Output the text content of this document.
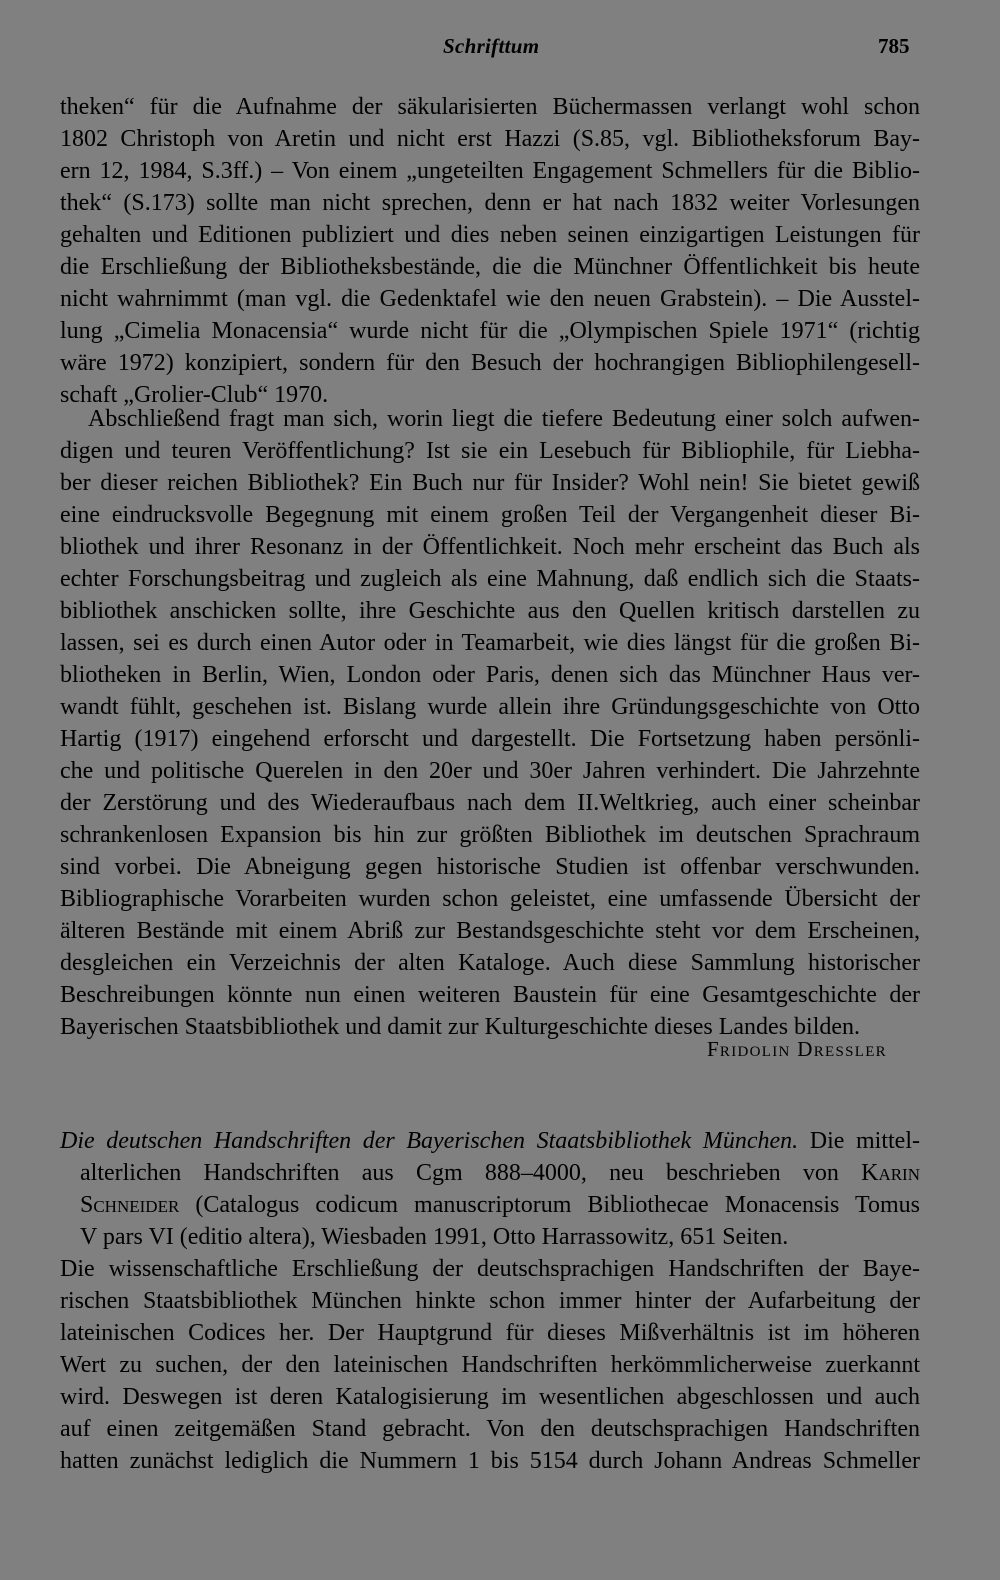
Schrifttum	785
theken“ für die Aufnahme der säkularisierten Büchermassen verlangt wohl schon
1802 Christoph von Aretin und nicht erst Hazzi (S.85, vgl. Bibliotheksforum Bay-
ern 12, 1984, S.3ff.) – Von einem „ungeteilten Engagement Schmellers für die Biblio-
thek“ (S.173) sollte man nicht sprechen, denn er hat nach 1832 weiter Vorlesungen
gehalten und Editionen publiziert und dies neben seinen einzigartigen Leistungen für
die Erschließung der Bibliotheksbestände, die die Münchner Öffentlichkeit bis heute
nicht wahrnimmt (man vgl. die Gedenktafel wie den neuen Grabstein). – Die Ausstel-
lung „Cimelia Monacensia“ wurde nicht für die „Olympischen Spiele 1971“ (richtig
wäre 1972) konzipiert, sondern für den Besuch der hochrangigen Bibliophilengesell-
schaft „Grolier-Club“ 1970.
Abschließend fragt man sich, worin liegt die tiefere Bedeutung einer solch aufwen-
digen und teuren Veröffentlichung? Ist sie ein Lesebuch für Bibliophile, für Liebha-
ber dieser reichen Bibliothek? Ein Buch nur für Insider? Wohl nein! Sie bietet gewiß
eine eindrucksvolle Begegnung mit einem großen Teil der Vergangenheit dieser Bi-
bliothek und ihrer Resonanz in der Öffentlichkeit. Noch mehr erscheint das Buch als
echter Forschungsbeitrag und zugleich als eine Mahnung, daß endlich sich die Staats-
bibliothek anschicken sollte, ihre Geschichte aus den Quellen kritisch darstellen zu
lassen, sei es durch einen Autor oder in Teamarbeit, wie dies längst für die großen Bi-
bliotheken in Berlin, Wien, London oder Paris, denen sich das Münchner Haus ver-
wandt fühlt, geschehen ist. Bislang wurde allein ihre Gründungsgeschichte von Otto
Hartig (1917) eingehend erforscht und dargestellt. Die Fortsetzung haben persönli-
che und politische Querelen in den 20er und 30er Jahren verhindert. Die Jahrzehnte
der Zerstörung und des Wiederaufbaus nach dem II.Weltkrieg, auch einer scheinbar
schrankenlosen Expansion bis hin zur größten Bibliothek im deutschen Sprachraum
sind vorbei. Die Abneigung gegen historische Studien ist offenbar verschwunden.
Bibliographische Vorarbeiten wurden schon geleistet, eine umfassende Übersicht der
älteren Bestände mit einem Abriß zur Bestandsgeschichte steht vor dem Erscheinen,
desgleichen ein Verzeichnis der alten Kataloge. Auch diese Sammlung historischer
Beschreibungen könnte nun einen weiteren Baustein für eine Gesamtgeschichte der
Bayerischen Staatsbibliothek und damit zur Kulturgeschichte dieses Landes bilden.
Fridolin Dressler
Die deutschen Handschriften der Bayerischen Staatsbibliothek München. Die mittel-
alterlichen Handschriften aus Cgm 888–4000, neu beschrieben von Karin
Schneider (Catalogus codicum manuscriptorum Bibliothecae Monacensis Tomus
V pars VI (editio altera), Wiesbaden 1991, Otto Harrassowitz, 651 Seiten.
Die wissenschaftliche Erschließung der deutschsprachigen Handschriften der Baye-
rischen Staatsbibliothek München hinkte schon immer hinter der Aufarbeitung der
lateinischen Codices her. Der Hauptgrund für dieses Mißverhältnis ist im höheren
Wert zu suchen, der den lateinischen Handschriften herkömmlicherweise zuerkannt
wird. Deswegen ist deren Katalogisierung im wesentlichen abgeschlossen und auch
auf einen zeitgemäßen Stand gebracht. Von den deutschsprachigen Handschriften
hatten zunächst lediglich die Nummern 1 bis 5154 durch Johann Andreas Schmeller
